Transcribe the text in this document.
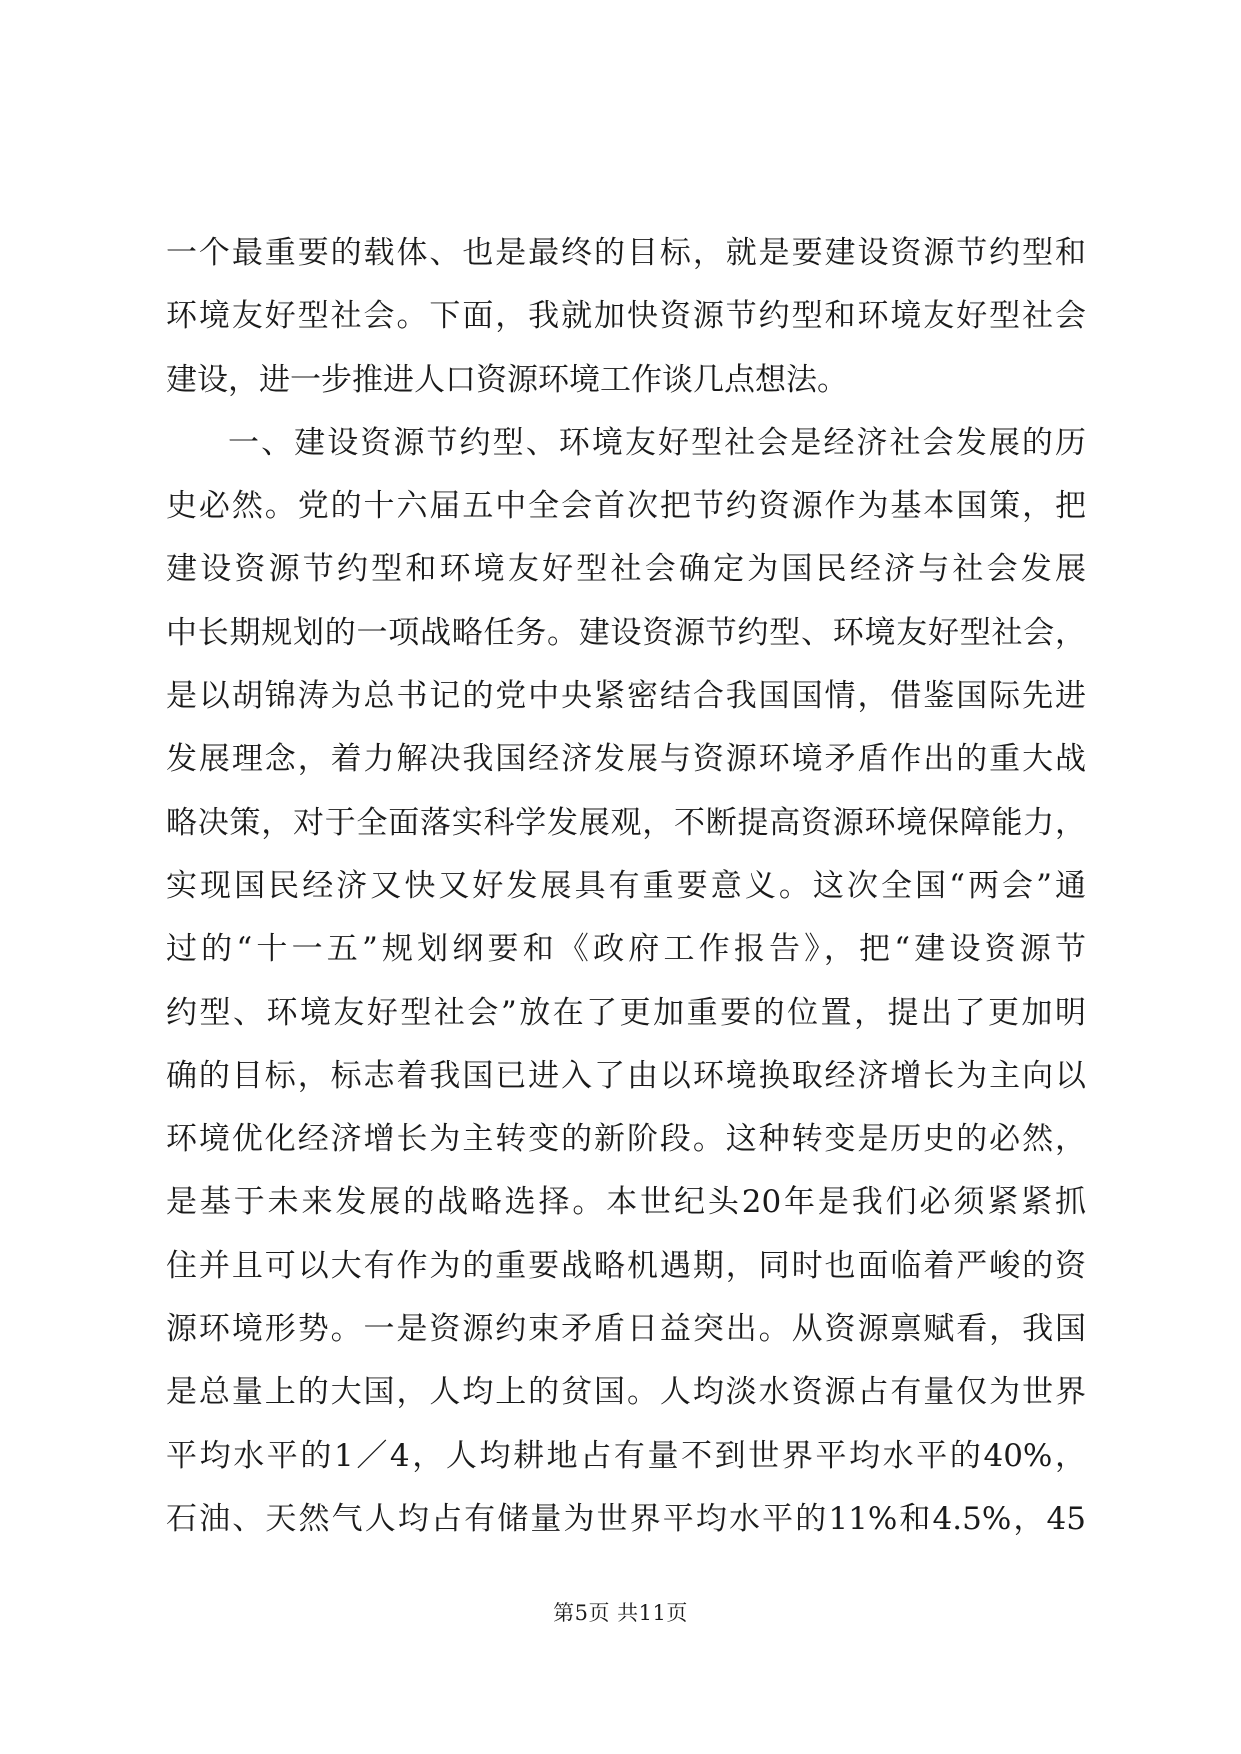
一个最重要的载体、也是最终的目标，就是要建设资源节约型和
环境友好型社会。下面，我就加快资源节约型和环境友好型社会
建设，进一步推进人口资源环境工作谈几点想法。
一、建设资源节约型、环境友好型社会是经济社会发展的历
史必然。党的十六届五中全会首次把节约资源作为基本国策，把
建设资源节约型和环境友好型社会确定为国民经济与社会发展
中长期规划的一项战略任务。建设资源节约型、环境友好型社会，
是以胡锦涛为总书记的党中央紧密结合我国国情，借鉴国际先进
发展理念，着力解决我国经济发展与资源环境矛盾作出的重大战
略决策，对于全面落实科学发展观，不断提高资源环境保障能力，
实现国民经济又快又好发展具有重要意义。这次全国“两会”通
过的“十一五”规划纲要和《政府工作报告》，把“建设资源节
约型、环境友好型社会”放在了更加重要的位置，提出了更加明
确的目标，标志着我国已进入了由以环境换取经济增长为主向以
环境优化经济增长为主转变的新阶段。这种转变是历史的必然，
是基于未来发展的战略选择。本世纪头20年是我们必须紧紧抓
住并且可以大有作为的重要战略机遇期，同时也面临着严峻的资
源环境形势。一是资源约束矛盾日益突出。从资源禀赋看，我国
是总量上的大国，人均上的贫国。人均淡水资源占有量仅为世界
平均水平的1／4，人均耕地占有量不到世界平均水平的40%，
石油、天然气人均占有储量为世界平均水平的11%和4.5%，45
第5页 共11页
